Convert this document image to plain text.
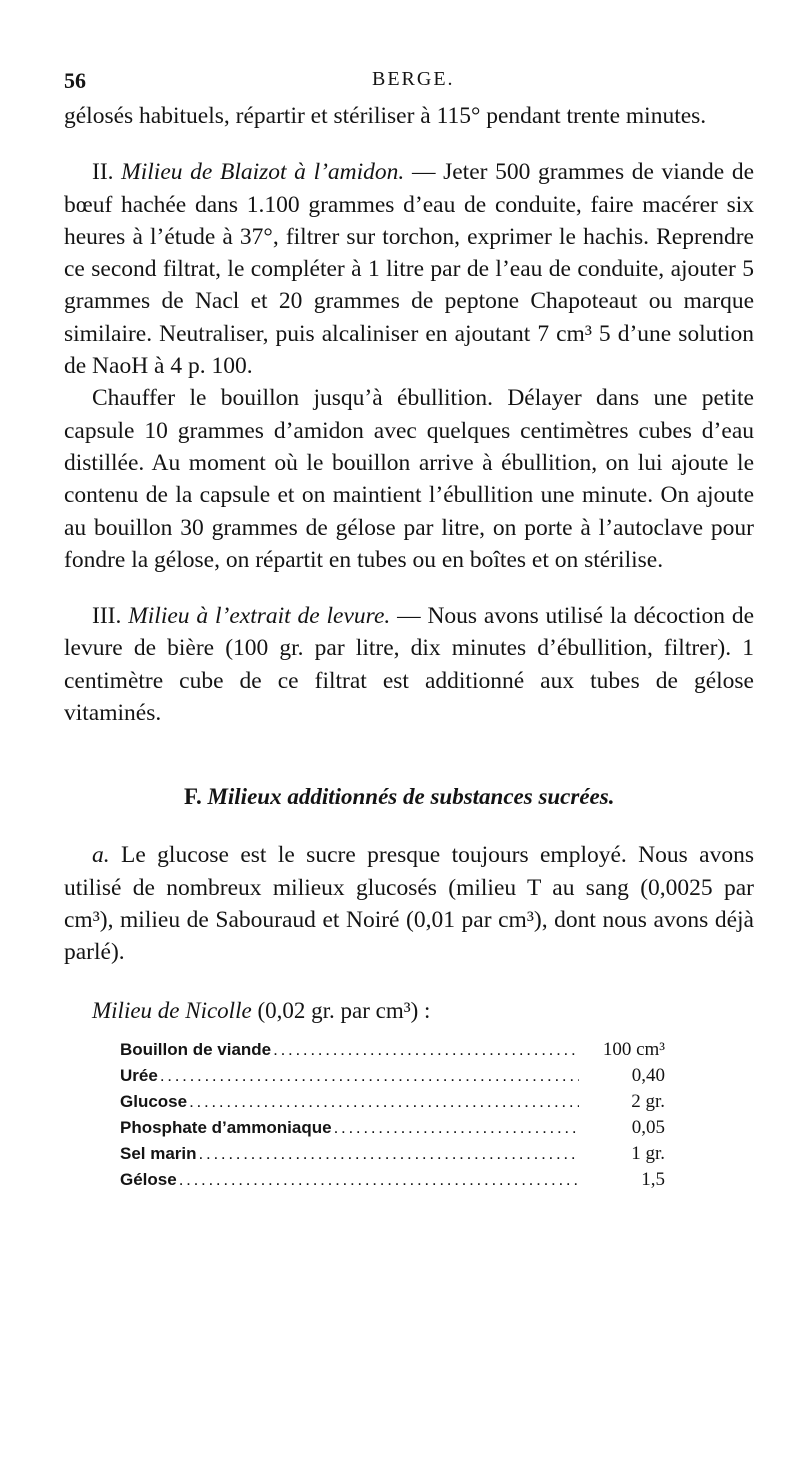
56	BERGE.

gélosés habituels, répartir et stériliser à 115° pendant trente minutes.

II. Milieu de Blaizot à l’amidon. — Jeter 500 grammes de viande de bœuf hachée dans 1.100 grammes d’eau de conduite, faire macérer six heures à l’étude à 37°, filtrer sur torchon, exprimer le hachis. Reprendre ce second filtrat, le compléter à 1 litre par de l’eau de conduite, ajouter 5 grammes de Nacl et 20 grammes de peptone Chapoteaut ou marque similaire. Neutraliser, puis alcaliniser en ajoutant 7 cm³ 5 d’une solution de NaoH à 4 p. 100.

Chauffer le bouillon jusqu’à ébullition. Délayer dans une petite capsule 10 grammes d’amidon avec quelques centimètres cubes d’eau distillée. Au moment où le bouillon arrive à ébullition, on lui ajoute le contenu de la capsule et on maintient l’ébullition une minute. On ajoute au bouillon 30 grammes de gélose par litre, on porte à l’autoclave pour fondre la gélose, on répartit en tubes ou en boîtes et on stérilise.

III. Milieu à l’extrait de levure. — Nous avons utilisé la décoction de levure de bière (100 gr. par litre, dix minutes d’ébullition, filtrer). 1 centimètre cube de ce filtrat est additionné aux tubes de gélose vitaminés.

F. Milieux additionnés de substances sucrées.

a. Le glucose est le sucre presque toujours employé. Nous avons utilisé de nombreux milieux glucosés (milieu T au sang (0,0025 par cm³), milieu de Sabouraud et Noiré (0,01 par cm³), dont nous avons déjà parlé).

Milieu de Nicolle (0,02 gr. par cm³) :
Bouillon de viande . . .	100 cm³
Urée . . .	0,40
Glucose . . .	2 gr.
Phosphate d’ammoniaque . . .	0,05
Sel marin . . .	1 gr.
Gélose . . .	1,5
